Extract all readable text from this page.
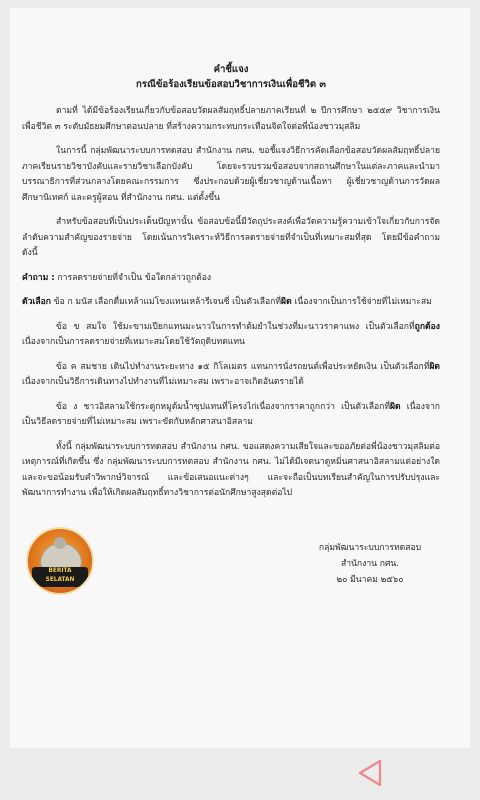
คำชี้แจง
กรณีข้อร้องเรียนข้อสอบวิชาการเงินเพื่อชีวิต ๓

ตามที่ ได้มีข้อร้องเรียนเกี่ยวกับข้อสอบวัดผลสัมฤทธิ์ปลายภาคเรียนที่ ๒ ปีการศึกษา ๒๕๕๙ วิชาการเงินเพื่อชีวิต ๓ ระดับมัธยมศึกษาตอนปลาย ที่สร้างความกระทบกระเทือนจิตใจต่อพี่น้องชาวมุสลิม

ในการนี้ กลุ่มพัฒนาระบบการทดสอบ สำนักงาน กศน. ขอชี้แจงวิธีการคัดเลือกข้อสอบวัดผลสัมฤทธิ์ปลายภาคเรียนรายวิชาบังคับและรายวิชาเลือกบังคับ โดยจะรวบรวมข้อสอบจากสถานศึกษาในแต่ละภาคและนำมาบรรณาธิการที่ส่วนกลางโดยคณะกรรมการ ซึ่งประกอบด้วยผู้เชี่ยวชาญด้านเนื้อหา ผู้เชี่ยวชาญด้านการวัดผล ศึกษานิเทศก์ และครูผู้สอน ที่สำนักงาน กศน. แต่ตั้งขึ้น

สำหรับข้อสอบที่เป็นประเด็นปัญหานั้น ข้อสอบข้อนี้มีวัตถุประสงค์เพื่อวัดความรู้ความเข้าใจเกี่ยวกับการจัดลำดับความสำคัญของรายจ่าย โดยเน้นการวิเคราะห์วิธีการลดรายจ่ายที่จำเป็นที่เหมาะสมที่สุด โดยมีข้อคำถามดังนี้

คำถาม : การลดรายจ่ายที่จำเป็น ข้อใดกล่าวถูกต้อง

ตัวเลือก ข้อ ก มนัส เลือกดื่มเหล้าแม่โขงแทนเหล้ารีเจนซี่ เป็นตัวเลือกที่ผิด เนื่องจากเป็นการใช้จ่ายที่ไม่เหมาะสม

ข้อ ข สมใจ ใช้มะขามเปียกแทนมะนาวในการทำต้มยำในช่วงที่มะนาวราคาแพง เป็นตัวเลือกที่ถูกต้อง เนื่องจากเป็นการลดรายจ่ายที่เหมาะสมโดยใช้วัตถุดิบทดแทน

ข้อ ค สมชาย เดินไปทำงานระยะทาง ๑๕ กิโลเมตร แทนการนั่งรถยนต์เพื่อประหยัดเงิน เป็นตัวเลือกที่ผิด เนื่องจากเป็นวิธีการเดินทางไปทำงานที่ไม่เหมาะสม เพราะอาจเกิดอันตรายได้

ข้อ ง ชาวอิสลามใช้กระดูกหมูต้มน้ำซุปแทนที่โครงไก่เนื่องจากราคาถูกกว่า เป็นตัวเลือกที่ผิด เนื่องจากเป็นวิธีลดรายจ่ายที่ไม่เหมาะสม เพราะขัดกับหลักศาสนาอิสลาม

ทั้งนี้ กลุ่มพัฒนาระบบการทดสอบ สำนักงาน กศน. ขอแสดงความเสียใจและขออภัยต่อพี่น้องชาวมุสลิมต่อเหตุการณ์ที่เกิดขึ้น ซึ่ง กลุ่มพัฒนาระบบการทดสอบ สำนักงาน กศน. ไม่ได้มีเจตนาดูหมิ่นศาสนาอิสลามแต่อย่างใด และจะขอน้อมรับคำวิพากษ์วิจารณ์ และข้อเสนอแนะต่างๆ และจะถือเป็นบทเรียนสำคัญในการปรับปรุงและพัฒนาการทำงาน เพื่อให้เกิดผลสัมฤทธิ์ทางวิชาการต่อนักศึกษาสูงสุดต่อไป

กลุ่มพัฒนาระบบการทดสอบ
สำนักงาน กศน.
๒๐ มีนาคม ๒๕๖๐
BERITA
SELATAN
